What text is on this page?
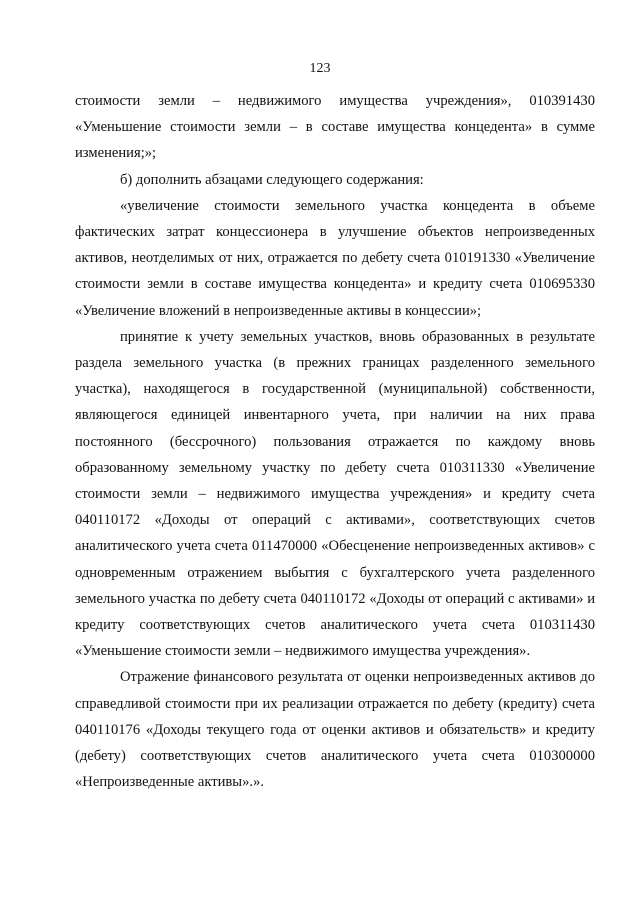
123

стоимости земли – недвижимого имущества учреждения», 010391430 «Уменьшение стоимости земли – в составе имущества концедента» в сумме изменения;»;

б) дополнить абзацами следующего содержания:

«увеличение стоимости земельного участка концедента в объеме фактических затрат концессионера в улучшение объектов непроизведенных активов, неотделимых от них, отражается по дебету счета 010191330 «Увеличение стоимости земли в составе имущества концедента» и кредиту счета 010695330 «Увеличение вложений в непроизведенные активы в концессии»;

принятие к учету земельных участков, вновь образованных в результате раздела земельного участка (в прежних границах разделенного земельного участка), находящегося в государственной (муниципальной) собственности, являющегося единицей инвентарного учета, при наличии на них права постоянного (бессрочного) пользования отражается по каждому вновь образованному земельному участку по дебету счета 010311330 «Увеличение стоимости земли – недвижимого имущества учреждения» и кредиту счета 040110172 «Доходы от операций с активами», соответствующих счетов аналитического учета счета 011470000 «Обесценение непроизведенных активов» с одновременным отражением выбытия с бухгалтерского учета разделенного земельного участка по дебету счета 040110172 «Доходы от операций с активами» и кредиту соответствующих счетов аналитического учета счета 010311430 «Уменьшение стоимости земли – недвижимого имущества учреждения».

Отражение финансового результата от оценки непроизведенных активов до справедливой стоимости при их реализации отражается по дебету (кредиту) счета 040110176 «Доходы текущего года от оценки активов и обязательств» и кредиту (дебету) соответствующих счетов аналитического учета счета 010300000 «Непроизведенные активы».».
